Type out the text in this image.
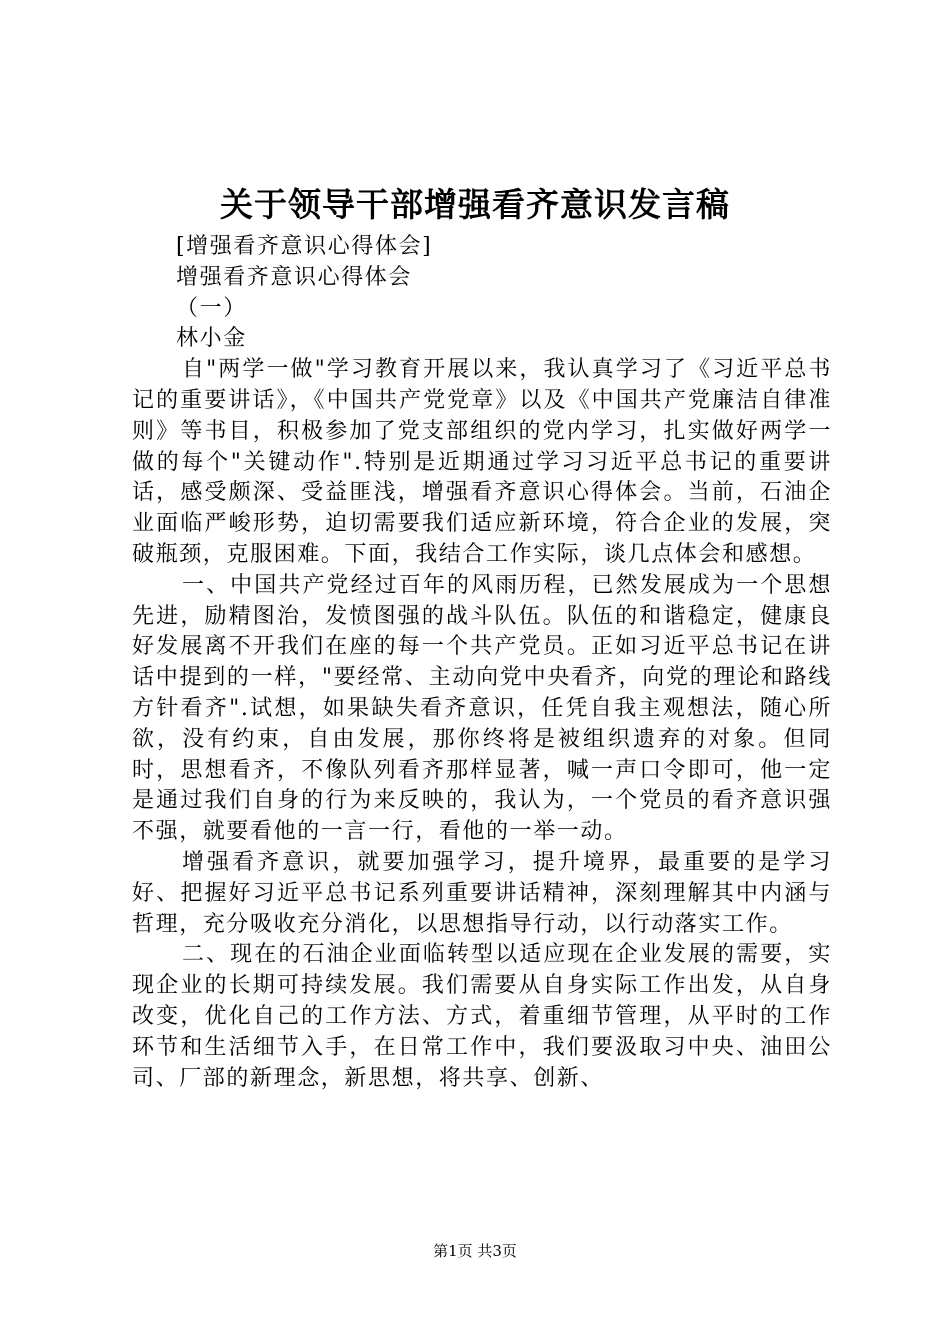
关于领导干部增强看齐意识发言稿
[增强看齐意识心得体会]
增强看齐意识心得体会
（一）
林小金

自"两学一做"学习教育开展以来，我认真学习了《习近平总书记的重要讲话》，《中国共产党党章》以及《中国共产党廉洁自律准则》等书目，积极参加了党支部组织的党内学习，扎实做好两学一做的每个"关键动作".特别是近期通过学习习近平总书记的重要讲话，感受颇深、受益匪浅，增强看齐意识心得体会。当前，石油企业面临严峻形势，迫切需要我们适应新环境，符合企业的发展，突破瓶颈，克服困难。下面，我结合工作实际，谈几点体会和感想。

一、中国共产党经过百年的风雨历程，已然发展成为一个思想先进，励精图治，发愤图强的战斗队伍。队伍的和谐稳定，健康良好发展离不开我们在座的每一个共产党员。正如习近平总书记在讲话中提到的一样，"要经常、主动向党中央看齐，向党的理论和路线方针看齐".试想，如果缺失看齐意识，任凭自我主观想法，随心所欲，没有约束，自由发展，那你终将是被组织遗弃的对象。但同时，思想看齐，不像队列看齐那样显著，喊一声口令即可，他一定是通过我们自身的行为来反映的，我认为，一个党员的看齐意识强不强，就要看他的一言一行，看他的一举一动。

增强看齐意识，就要加强学习，提升境界，最重要的是学习好、把握好习近平总书记系列重要讲话精神，深刻理解其中内涵与哲理，充分吸收充分消化，以思想指导行动，以行动落实工作。

二、现在的石油企业面临转型以适应现在企业发展的需要，实现企业的长期可持续发展。我们需要从自身实际工作出发，从自身改变，优化自己的工作方法、方式，着重细节管理，从平时的工作环节和生活细节入手，在日常工作中，我们要汲取习中央、油田公司、厂部的新理念，新思想，将共享、创新、

第1页 共3页
